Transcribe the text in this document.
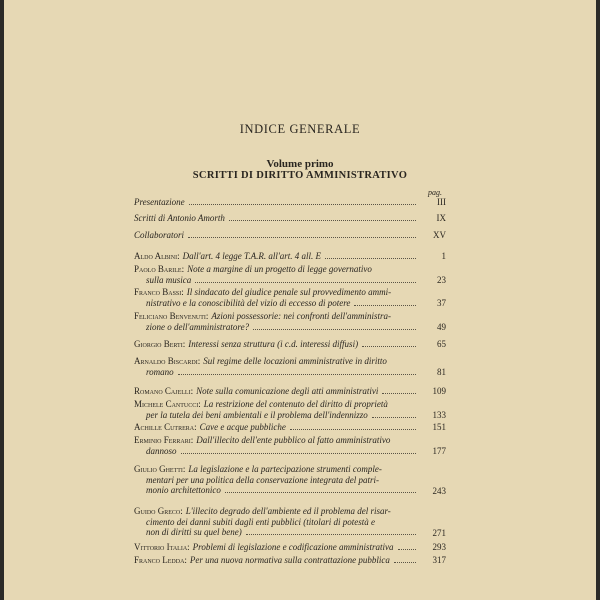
INDICE GENERALE
Volume primo
SCRITTI DI DIRITTO AMMINISTRATIVO
pag.
Presentazione	III
Scritti di Antonio Amorth	IX
Collaboratori	XV
Aldo Albini: Dall'art. 4 legge T.A.R. all'art. 4 all. E	1
Paolo Barile: Note a margine di un progetto di legge governativo
sulla musica	23
Franco Bassi: Il sindacato del giudice penale sul provvedimento ammi-
nistrativo e la conoscibilità del vizio di eccesso di potere	37
Feliciano Benvenuti: Azioni possessorie: nei confronti dell'amministra-
zione o dell'amministratore?	49
Giorgio Berti: Interessi senza struttura (i c.d. interessi diffusi)	65
Arnaldo Biscardi: Sul regime delle locazioni amministrative in diritto
romano	81
Romano Cajelli: Note sulla comunicazione degli atti amministrativi	109
Michele Cantucci: La restrizione del contenuto del diritto di proprietà
per la tutela dei beni ambientali e il problema dell'indennizzo	133
Achille Cutrera: Cave e acque pubbliche	151
Erminio Ferrari: Dall'illecito dell'ente pubblico al fatto amministrativo
dannoso	177
Giulio Ghetti: La legislazione e la partecipazione strumenti comple-
mentari per una politica della conservazione integrata del patri-
monio architettonico	243
Guido Greco: L'illecito degrado dell'ambiente ed il problema del risar-
cimento dei danni subiti dagli enti pubblici (titolari di potestà e
non di diritti su quel bene)	271
Vittorio Italia: Problemi di legislazione e codificazione amministrativa	293
Franco Ledda: Per una nuova normativa sulla contrattazione pubblica	317
